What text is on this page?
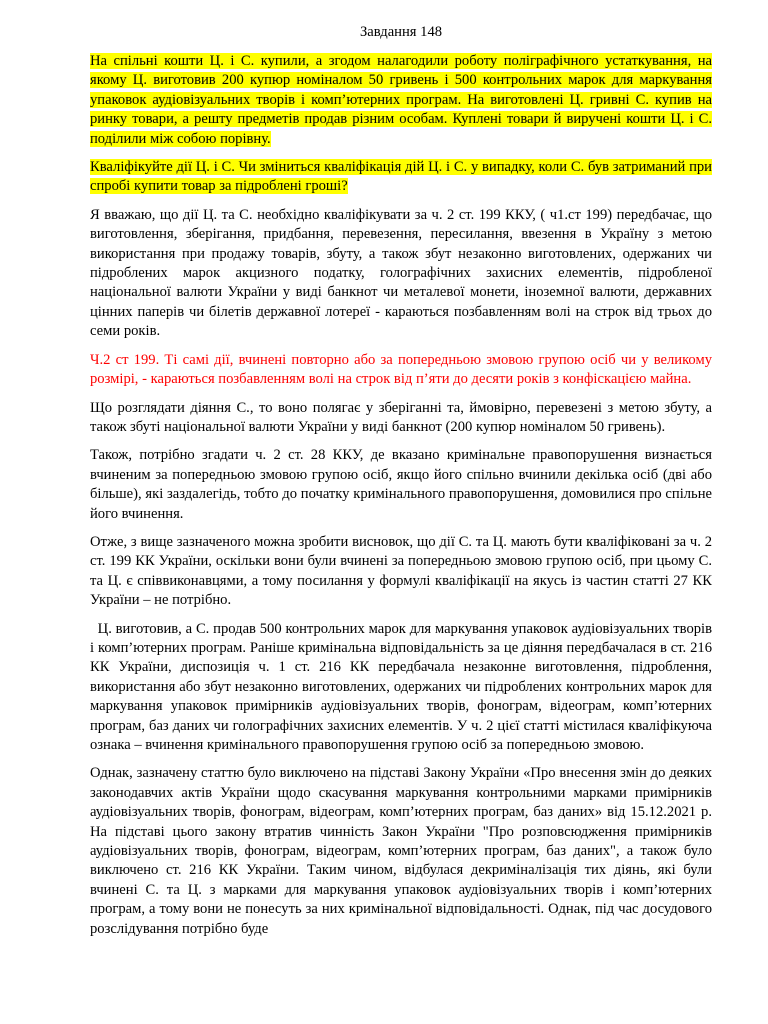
Завдання 148

На спільні кошти Ц. і С. купили, а згодом налагодили роботу поліграфічного устаткування, на якому Ц. виготовив 200 купюр номіналом 50 гривень і 500 контрольних марок для маркування упаковок аудіовізуальних творів і комп’ютерних програм. На виготовлені Ц. гривні С. купив на ринку товари, а решту предметів продав різним особам. Куплені товари й виручені кошти Ц. і С. поділили між собою порівну.

Кваліфікуйте дії Ц. і С. Чи зміниться кваліфікація дій Ц. і С. у випадку, коли С. був затриманий при спробі купити товар за підроблені гроші?

Я вважаю, що дії Ц. та С. необхідно кваліфікувати за ч. 2 ст. 199 ККУ, ( ч1.ст 199) передбачає, що виготовлення, зберігання, придбання, перевезення, пересилання, ввезення в Україну з метою використання при продажу товарів, збуту, а також збут незаконно виготовлених, одержаних чи підроблених марок акцизного податку, голографічних захисних елементів, підробленої національної валюти України у виді банкнот чи металевої монети, іноземної валюти, державних цінних паперів чи білетів державної лотереї - караються позбавленням волі на строк від трьох до семи років.

Ч.2 ст 199. Ті самі дії, вчинені повторно або за попередньою змовою групою осіб чи у великому розмірі, - караються позбавленням волі на строк від п’яти до десяти років з конфіскацією майна.

Що розглядати діяння С., то воно полягає у зберіганні та, ймовірно, перевезені з метою збуту, а також збуті національної валюти України у виді банкнот (200 купюр номіналом 50 гривень).

Також, потрібно згадати ч. 2 ст. 28 ККУ, де вказано кримінальне правопорушення визнається вчиненим за попередньою змовою групою осіб, якщо його спільно вчинили декілька осіб (дві або більше), які заздалегідь, тобто до початку кримінального правопорушення, домовилися про спільне його вчинення.

Отже, з вище зазначеного можна зробити висновок, що дії С. та Ц. мають бути кваліфіковані за ч. 2 ст. 199 КК України, оскільки вони були вчинені за попередньою змовою групою осіб, при цьому С. та Ц. є співвиконавцями, а тому посилання у формулі кваліфікації на якусь із частин статті 27 КК України – не потрібно.

Ц. виготовив, а С. продав 500 контрольних марок для маркування упаковок аудіовізуальних творів і комп’ютерних програм. Раніше кримінальна відповідальність за це діяння передбачалася в ст. 216 КК України, диспозиція ч. 1 ст. 216 КК передбачала незаконне виготовлення, підроблення, використання або збут незаконно виготовлених, одержаних чи підроблених контрольних марок для маркування упаковок примірників аудіовізуальних творів, фонограм, відеограм, комп’ютерних програм, баз даних чи голографічних захисних елементів. У ч. 2 цієї статті містилася кваліфікуюча ознака – вчинення кримінального правопорушення групою осіб за попередньою змовою.

Однак, зазначену статтю було виключено на підставі Закону України «Про внесення змін до деяких законодавчих актів України щодо скасування маркування контрольними марками примірників аудіовізуальних творів, фонограм, відеограм, комп’ютерних програм, баз даних» від 15.12.2021 р. На підставі цього закону втратив чинність Закон України "Про розповсюдження примірників аудіовізуальних творів, фонограм, відеограм, комп’ютерних програм, баз даних", а також було виключено ст. 216 КК України. Таким чином, відбулася декриміналізація тих діянь, які були вчинені С. та Ц. з марками для маркування упаковок аудіовізуальних творів і комп’ютерних програм, а тому вони не понесуть за них кримінальної відповідальності. Однак, під час досудового розслідування потрібно буде
